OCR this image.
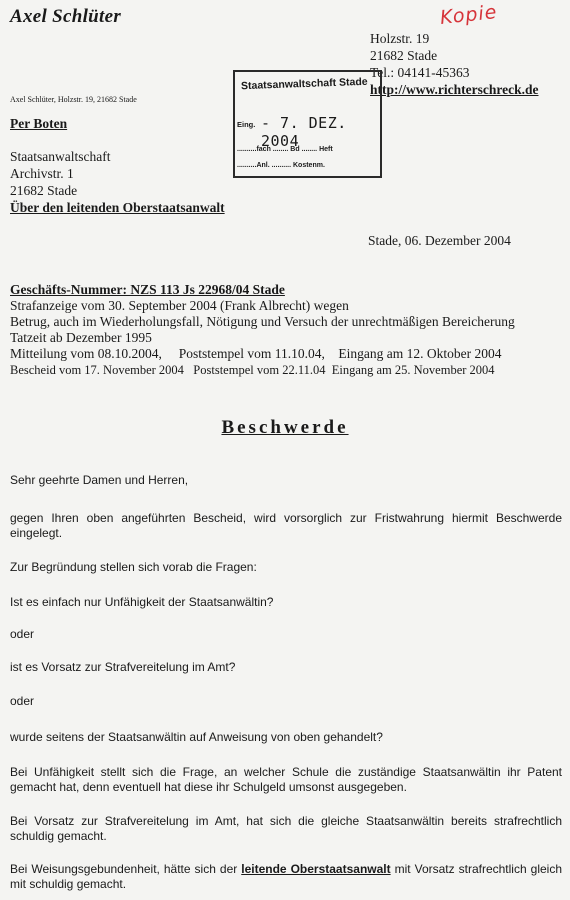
Axel Schlüter	Kopie
Holzstr. 19
21682 Stade
Tel.: 04141-45363
http://www.richterschreck.de
Axel Schlüter, Holzstr. 19, 21682 Stade
Staatsanwaltschaft Stade
Eing. - 7. DEZ. 2004
..........fach ........ Bd ........ Heft
..........Anl. .......... Kostenm.
Per Boten
Staatsanwaltschaft
Archivstr. 1
21682 Stade
Über den leitenden Oberstaatsanwalt
Stade, 06. Dezember 2004
Geschäfts-Nummer: NZS 113 Js 22968/04 Stade
Strafanzeige vom 30. September 2004 (Frank Albrecht) wegen
Betrug, auch im Wiederholungsfall, Nötigung und Versuch der unrechtmäßigen Bereicherung
Tatzeit ab Dezember 1995
Mitteilung vom 08.10.2004,     Poststempel vom 11.10.04,    Eingang am 12. Oktober 2004
Bescheid vom 17. November 2004   Poststempel vom 22.11.04  Eingang am 25. November 2004
Beschwerde
Sehr geehrte Damen und Herren,
gegen Ihren oben angeführten Bescheid, wird vorsorglich zur Fristwahrung hiermit Beschwerde eingelegt.
Zur Begründung stellen sich vorab die Fragen:
Ist es einfach nur Unfähigkeit der Staatsanwältin?
oder
ist es Vorsatz zur Strafvereitelung im Amt?
oder
wurde seitens der Staatsanwältin auf Anweisung von oben gehandelt?
Bei Unfähigkeit stellt sich die Frage, an welcher Schule die zuständige Staatsanwältin ihr Patent gemacht hat, denn eventuell hat diese ihr Schulgeld umsonst ausgegeben.
Bei Vorsatz zur Strafvereitelung im Amt, hat sich die gleiche Staatsanwältin bereits strafrechtlich schuldig gemacht.
Bei Weisungsgebundenheit, hätte sich der leitende Oberstaatsanwalt mit Vorsatz strafrechtlich gleich mit schuldig gemacht.
